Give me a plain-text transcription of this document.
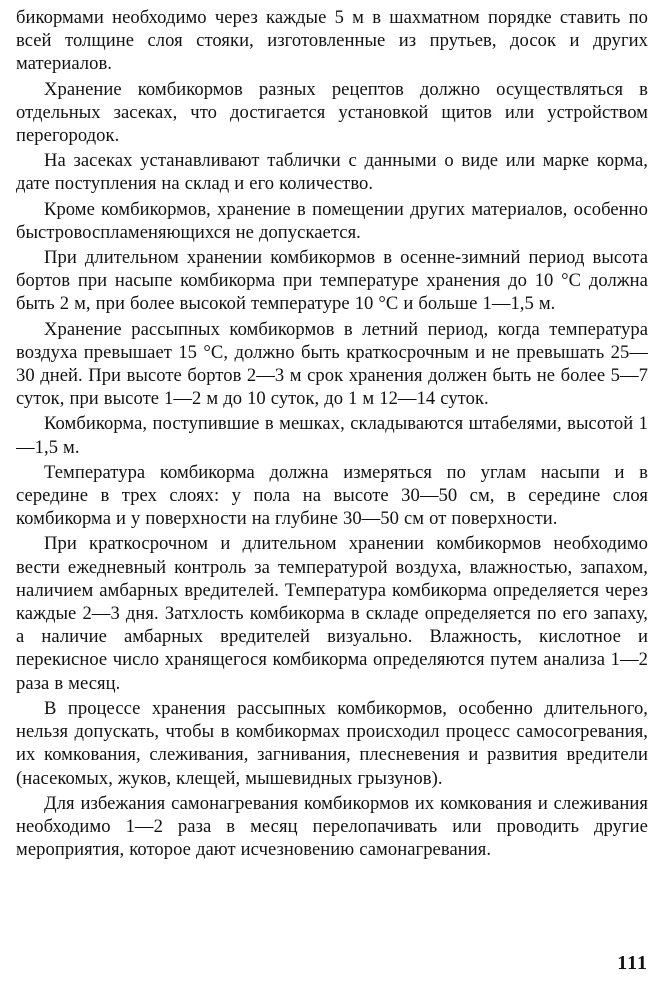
бикормами необходимо через каждые 5 м в шахматном порядке ставить по всей толщине слоя стояки, изготовленные из прутьев, досок и других материалов.

Хранение комбикормов разных рецептов должно осуществляться в отдельных засеках, что достигается установкой щитов или устройством перегородок.

На засеках устанавливают таблички с данными о виде или марке корма, дате поступления на склад и его количество.

Кроме комбикормов, хранение в помещении других материалов, особенно быстровоспламеняющихся не допускается.

При длительном хранении комбикормов в осенне-зимний период высота бортов при насыпе комбикорма при температуре хранения до 10 °С должна быть 2 м, при более высокой температуре 10 °С и больше 1—1,5 м.

Хранение рассыпных комбикормов в летний период, когда температура воздуха превышает 15 °С, должно быть краткосрочным и не превышать 25—30 дней. При высоте бортов 2—3 м срок хранения должен быть не более 5—7 суток, при высоте 1—2 м до 10 суток, до 1 м 12—14 суток.

Комбикорма, поступившие в мешках, складываются штабелями, высотой 1—1,5 м.

Температура комбикорма должна измеряться по углам насыпи и в середине в трех слоях: у пола на высоте 30—50 см, в середине слоя комбикорма и у поверхности на глубине 30—50 см от поверхности.

При краткосрочном и длительном хранении комбикормов необходимо вести ежедневный контроль за температурой воздуха, влажностью, запахом, наличием амбарных вредителей. Температура комбикорма определяется через каждые 2—3 дня. Затхлость комбикорма в складе определяется по его запаху, а наличие амбарных вредителей визуально. Влажность, кислотное и перекисное число хранящегося комбикорма определяются путем анализа 1—2 раза в месяц.

В процессе хранения рассыпных комбикормов, особенно длительного, нельзя допускать, чтобы в комбикормах происходил процесс самосогревания, их комкования, слеживания, загнивания, плесневения и развития вредители (насекомых, жуков, клещей, мышевидных грызунов).

Для избежания самонагревания комбикормов их комкования и слеживания необходимо 1—2 раза в месяц перелопачивать или проводить другие мероприятия, которое дают исчезновению самонагревания.

111
